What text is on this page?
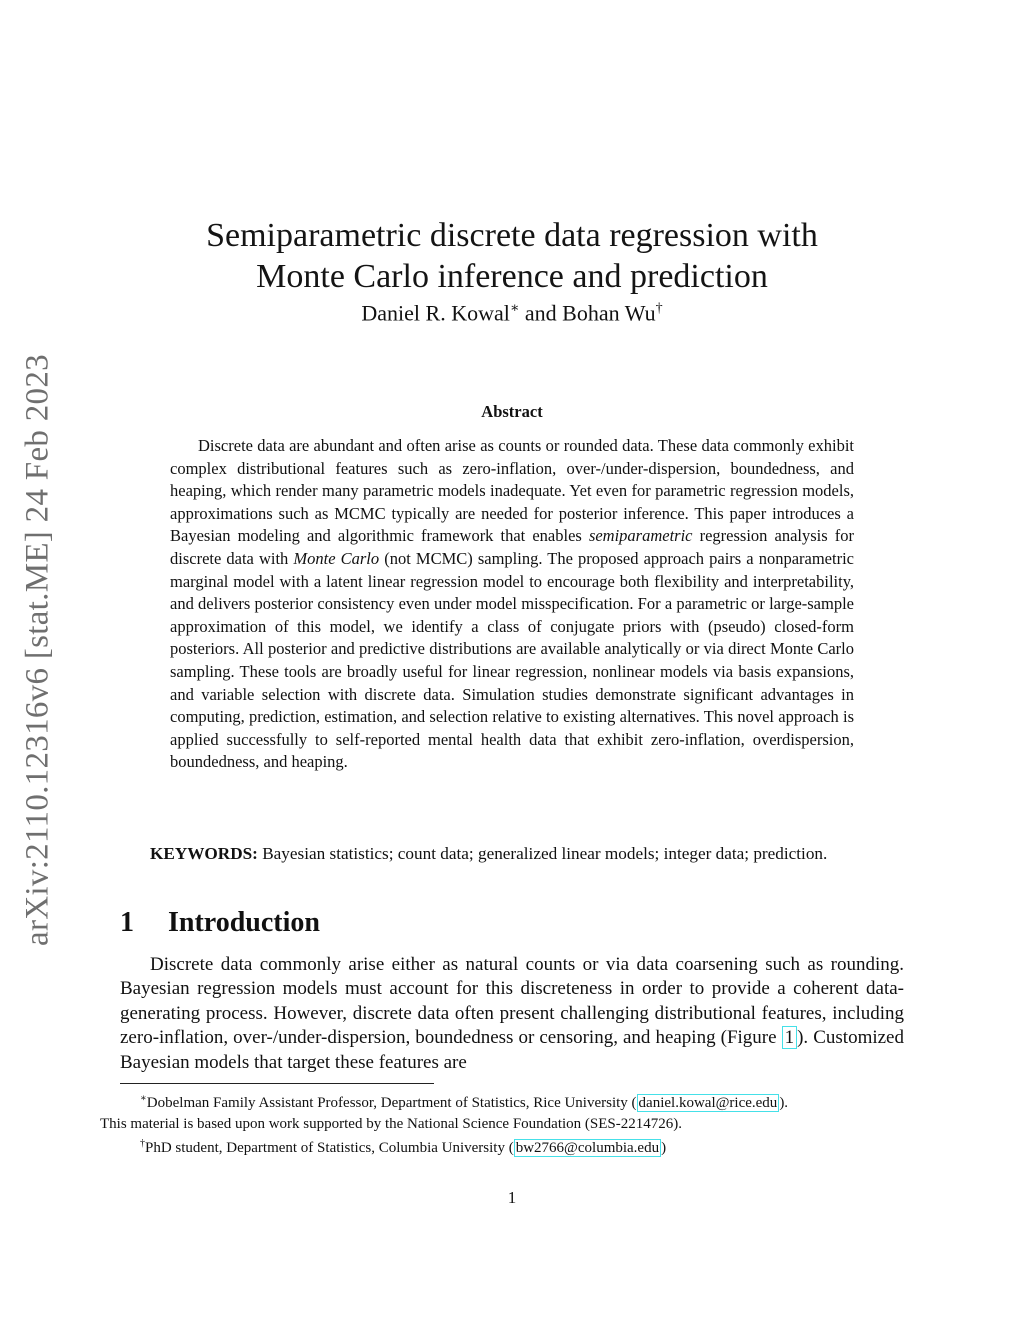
arXiv:2110.12316v6 [stat.ME] 24 Feb 2023
Semiparametric discrete data regression with
Monte Carlo inference and prediction
Daniel R. Kowal∗ and Bohan Wu†
Abstract

Discrete data are abundant and often arise as counts or rounded data. These data commonly exhibit complex distributional features such as zero-inflation, over-/under-dispersion, boundedness, and heaping, which render many parametric models inadequate. Yet even for parametric regression models, approximations such as MCMC typically are needed for posterior inference. This paper introduces a Bayesian modeling and algorithmic framework that enables semiparametric regression analysis for discrete data with Monte Carlo (not MCMC) sampling. The proposed approach pairs a nonparametric marginal model with a latent linear regression model to encourage both flexibility and interpretability, and delivers posterior consistency even under model misspecification. For a parametric or large-sample approximation of this model, we identify a class of conjugate priors with (pseudo) closed-form posteriors. All posterior and predictive distributions are available analytically or via direct Monte Carlo sampling. These tools are broadly useful for linear regression, nonlinear models via basis expansions, and variable selection with discrete data. Simulation studies demonstrate significant advantages in computing, prediction, estimation, and selection relative to existing alternatives. This novel approach is applied successfully to self-reported mental health data that exhibit zero-inflation, overdispersion, boundedness, and heaping.

KEYWORDS: Bayesian statistics; count data; generalized linear models; integer data; prediction.

1 Introduction

Discrete data commonly arise either as natural counts or via data coarsening such as rounding. Bayesian regression models must account for this discreteness in order to provide a coherent data-generating process. However, discrete data often present challenging distributional features, including zero-inflation, over-/under-dispersion, boundedness or censoring, and heaping (Figure 1 ). Customized Bayesian models that target these features are

∗Dobelman Family Assistant Professor, Department of Statistics, Rice University ( daniel.kowal@rice.edu ).
This material is based upon work supported by the National Science Foundation (SES-2214726).

†PhD student, Department of Statistics, Columbia University ( bw2766@columbia.edu )

1
